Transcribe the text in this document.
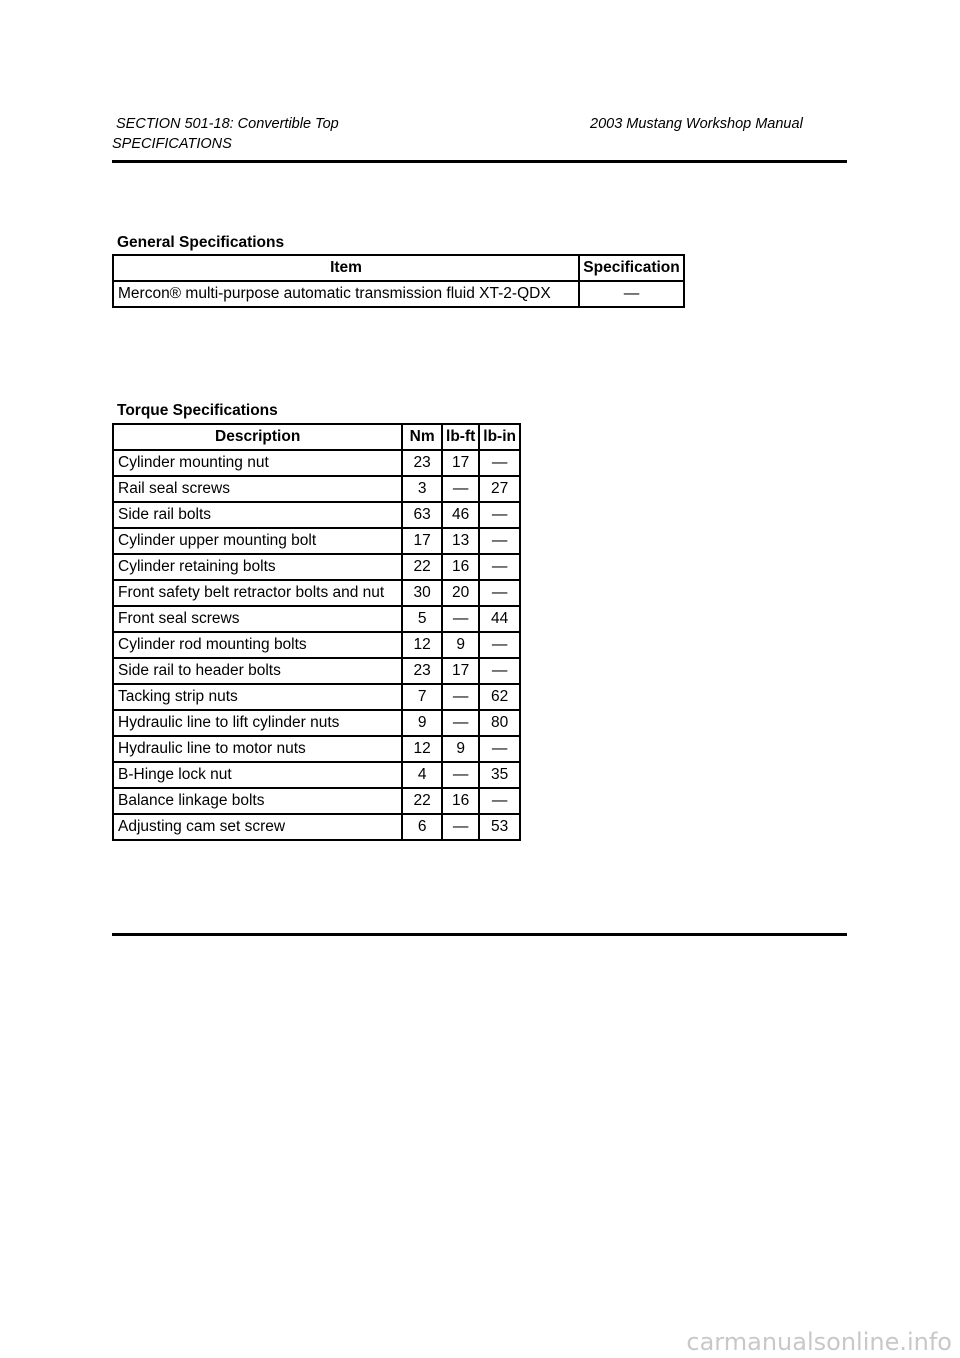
SECTION 501-18: Convertible Top	2003 Mustang Workshop Manual
SPECIFICATIONS
General Specifications
Item	Specification
Mercon® multi-purpose automatic transmission fluid XT-2-QDX	—
Torque Specifications
Description	Nm	lb-ft	lb-in
Cylinder mounting nut	23	17	—
Rail seal screws	3	—	27
Side rail bolts	63	46	—
Cylinder upper mounting bolt	17	13	—
Cylinder retaining bolts	22	16	—
Front safety belt retractor bolts and nut	30	20	—
Front seal screws	5	—	44
Cylinder rod mounting bolts	12	9	—
Side rail to header bolts	23	17	—
Tacking strip nuts	7	—	62
Hydraulic line to lift cylinder nuts	9	—	80
Hydraulic line to motor nuts	12	9	—
B-Hinge lock nut	4	—	35
Balance linkage bolts	22	16	—
Adjusting cam set screw	6	—	53
carmanualsonline.info
